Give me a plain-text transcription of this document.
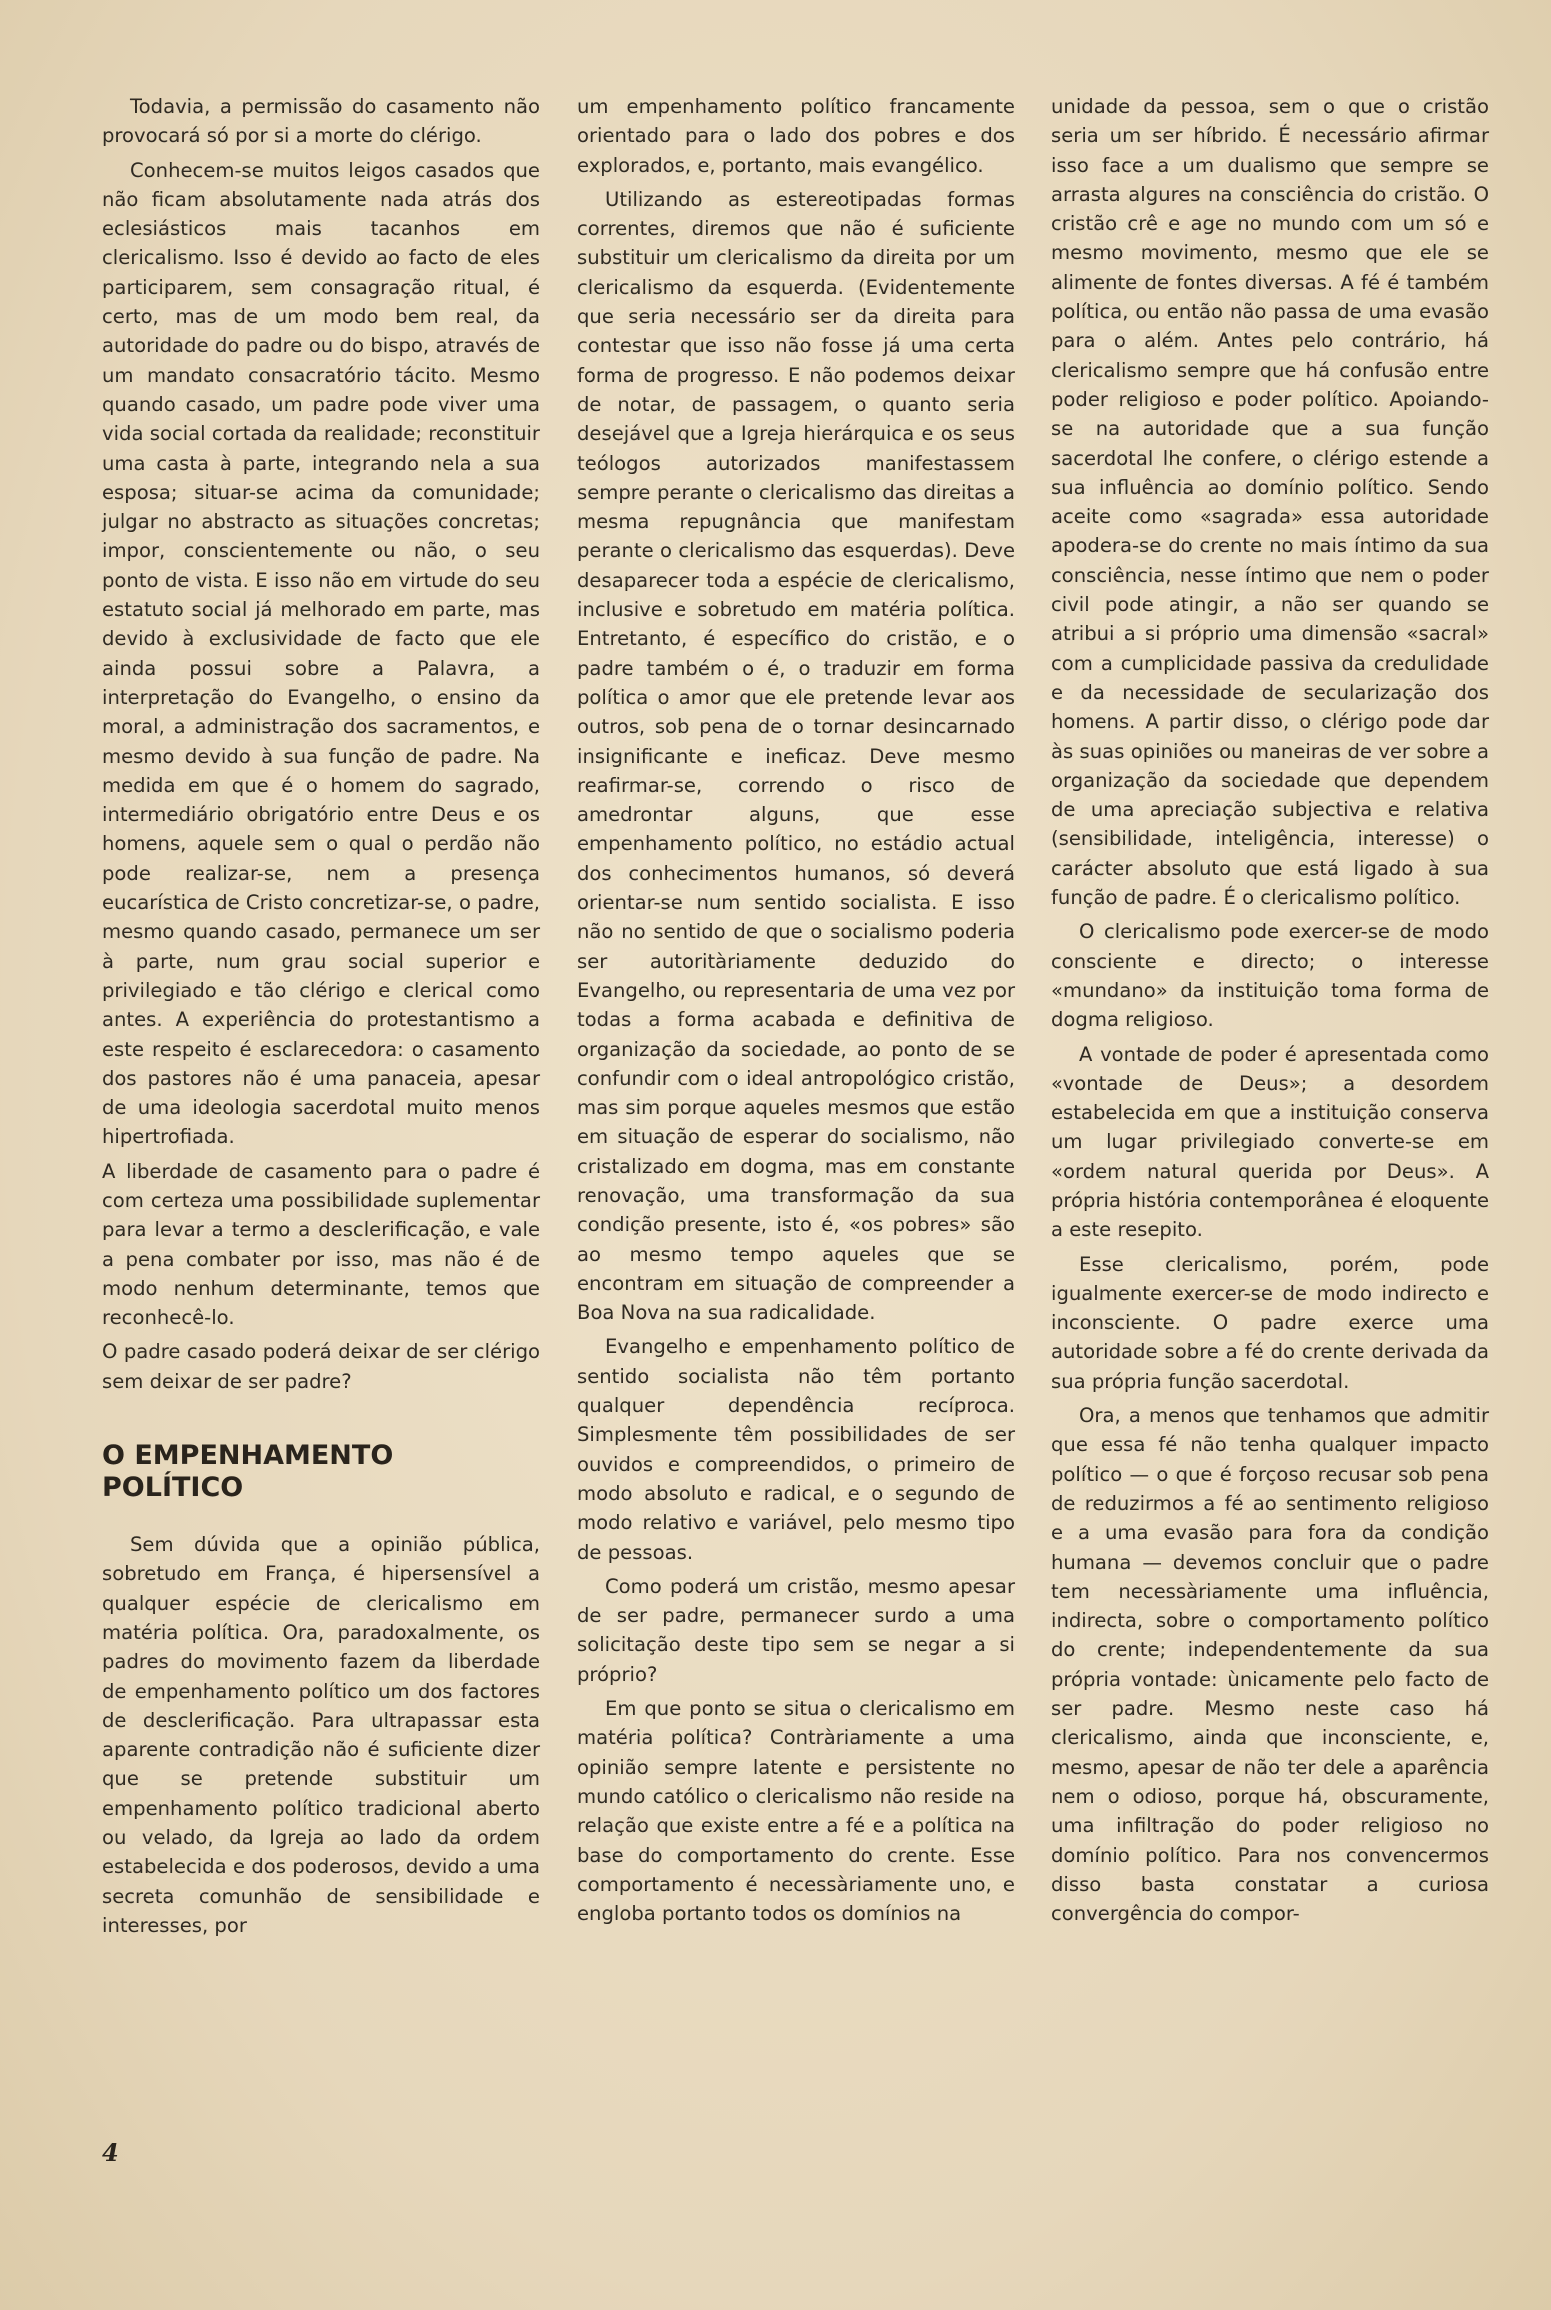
Todavia, a permissão do casamento não provocará só por si a morte do clérigo.

Conhecem-se muitos leigos casados que não ficam absolutamente nada atrás dos eclesiásticos mais tacanhos em clericalismo. Isso é devido ao facto de eles participarem, sem consagração ritual, é certo, mas de um modo bem real, da autoridade do padre ou do bispo, através de um mandato consacratório tácito. Mesmo quando casado, um padre pode viver uma vida social cortada da realidade; reconstituir uma casta à parte, integrando nela a sua esposa; situar-se acima da comunidade; julgar no abstracto as situações concretas; impor, conscientemente ou não, o seu ponto de vista. E isso não em virtude do seu estatuto social já melhorado em parte, mas devido à exclusividade de facto que ele ainda possui sobre a Palavra, a interpretação do Evangelho, o ensino da moral, a administração dos sacramentos, e mesmo devido à sua função de padre. Na medida em que é o homem do sagrado, intermediário obrigatório entre Deus e os homens, aquele sem o qual o perdão não pode realizar-se, nem a presença eucarística de Cristo concretizar-se, o padre, mesmo quando casado, permanece um ser à parte, num grau social superior e privilegiado e tão clérigo e clerical como antes. A experiência do protestantismo a este respeito é esclarecedora: o casamento dos pastores não é uma panaceia, apesar de uma ideologia sacerdotal muito menos hipertrofiada.

A liberdade de casamento para o padre é com certeza uma possibilidade suplementar para levar a termo a desclerificação, e vale a pena combater por isso, mas não é de modo nenhum determinante, temos que reconhecê-lo.

O padre casado poderá deixar de ser clérigo sem deixar de ser padre?

O EMPENHAMENTO POLÍTICO

Sem dúvida que a opinião pública, sobretudo em França, é hipersensível a qualquer espécie de clericalismo em matéria política. Ora, paradoxalmente, os padres do movimento fazem da liberdade de empenhamento político um dos factores de desclerificação. Para ultrapassar esta aparente contradição não é suficiente dizer que se pretende substituir um empenhamento político tradicional aberto ou velado, da Igreja ao lado da ordem estabelecida e dos poderosos, devido a uma secreta comunhão de sensibilidade e interesses, por

um empenhamento político francamente orientado para o lado dos pobres e dos explorados, e, portanto, mais evangélico.

Utilizando as estereotipadas formas correntes, diremos que não é suficiente substituir um clericalismo da direita por um clericalismo da esquerda. (Evidentemente que seria necessário ser da direita para contestar que isso não fosse já uma certa forma de progresso. E não podemos deixar de notar, de passagem, o quanto seria desejável que a Igreja hierárquica e os seus teólogos autorizados manifestassem sempre perante o clericalismo das direitas a mesma repugnância que manifestam perante o clericalismo das esquerdas). Deve desaparecer toda a espécie de clericalismo, inclusive e sobretudo em matéria política. Entretanto, é específico do cristão, e o padre também o é, o traduzir em forma política o amor que ele pretende levar aos outros, sob pena de o tornar desincarnado insignificante e ineficaz. Deve mesmo reafirmar-se, correndo o risco de amedrontar alguns, que esse empenhamento político, no estádio actual dos conhecimentos humanos, só deverá orientar-se num sentido socialista. E isso não no sentido de que o socialismo poderia ser autoritàriamente deduzido do Evangelho, ou representaria de uma vez por todas a forma acabada e definitiva de organização da sociedade, ao ponto de se confundir com o ideal antropológico cristão, mas sim porque aqueles mesmos que estão em situação de esperar do socialismo, não cristalizado em dogma, mas em constante renovação, uma transformação da sua condição presente, isto é, «os pobres» são ao mesmo tempo aqueles que se encontram em situação de compreender a Boa Nova na sua radicalidade.

Evangelho e empenhamento político de sentido socialista não têm portanto qualquer dependência recíproca. Simplesmente têm possibilidades de ser ouvidos e compreendidos, o primeiro de modo absoluto e radical, e o segundo de modo relativo e variável, pelo mesmo tipo de pessoas.

Como poderá um cristão, mesmo apesar de ser padre, permanecer surdo a uma solicitação deste tipo sem se negar a si próprio?

Em que ponto se situa o clericalismo em matéria política? Contràriamente a uma opinião sempre latente e persistente no mundo católico o clericalismo não reside na relação que existe entre a fé e a política na base do comportamento do crente. Esse comportamento é necessàriamente uno, e engloba portanto todos os domínios na

unidade da pessoa, sem o que o cristão seria um ser híbrido. É necessário afirmar isso face a um dualismo que sempre se arrasta algures na consciência do cristão. O cristão crê e age no mundo com um só e mesmo movimento, mesmo que ele se alimente de fontes diversas. A fé é também política, ou então não passa de uma evasão para o além. Antes pelo contrário, há clericalismo sempre que há confusão entre poder religioso e poder político. Apoiando-se na autoridade que a sua função sacerdotal lhe confere, o clérigo estende a sua influência ao domínio político. Sendo aceite como «sagrada» essa autoridade apodera-se do crente no mais íntimo da sua consciência, nesse íntimo que nem o poder civil pode atingir, a não ser quando se atribui a si próprio uma dimensão «sacral» com a cumplicidade passiva da credulidade e da necessidade de secularização dos homens. A partir disso, o clérigo pode dar às suas opiniões ou maneiras de ver sobre a organização da sociedade que dependem de uma apreciação subjectiva e relativa (sensibilidade, inteligência, interesse) o carácter absoluto que está ligado à sua função de padre. É o clericalismo político.

O clericalismo pode exercer-se de modo consciente e directo; o interesse «mundano» da instituição toma forma de dogma religioso.

A vontade de poder é apresentada como «vontade de Deus»; a desordem estabelecida em que a instituição conserva um lugar privilegiado converte-se em «ordem natural querida por Deus». A própria história contemporânea é eloquente a este resepito.

Esse clericalismo, porém, pode igualmente exercer-se de modo indirecto e inconsciente. O padre exerce uma autoridade sobre a fé do crente derivada da sua própria função sacerdotal.

Ora, a menos que tenhamos que admitir que essa fé não tenha qualquer impacto político — o que é forçoso recusar sob pena de reduzirmos a fé ao sentimento religioso e a uma evasão para fora da condição humana — devemos concluir que o padre tem necessàriamente uma influência, indirecta, sobre o comportamento político do crente; independentemente da sua própria vontade: ùnicamente pelo facto de ser padre. Mesmo neste caso há clericalismo, ainda que inconsciente, e, mesmo, apesar de não ter dele a aparência nem o odioso, porque há, obscuramente, uma infiltração do poder religioso no domínio político. Para nos convencermos disso basta constatar a curiosa convergência do compor-

4
